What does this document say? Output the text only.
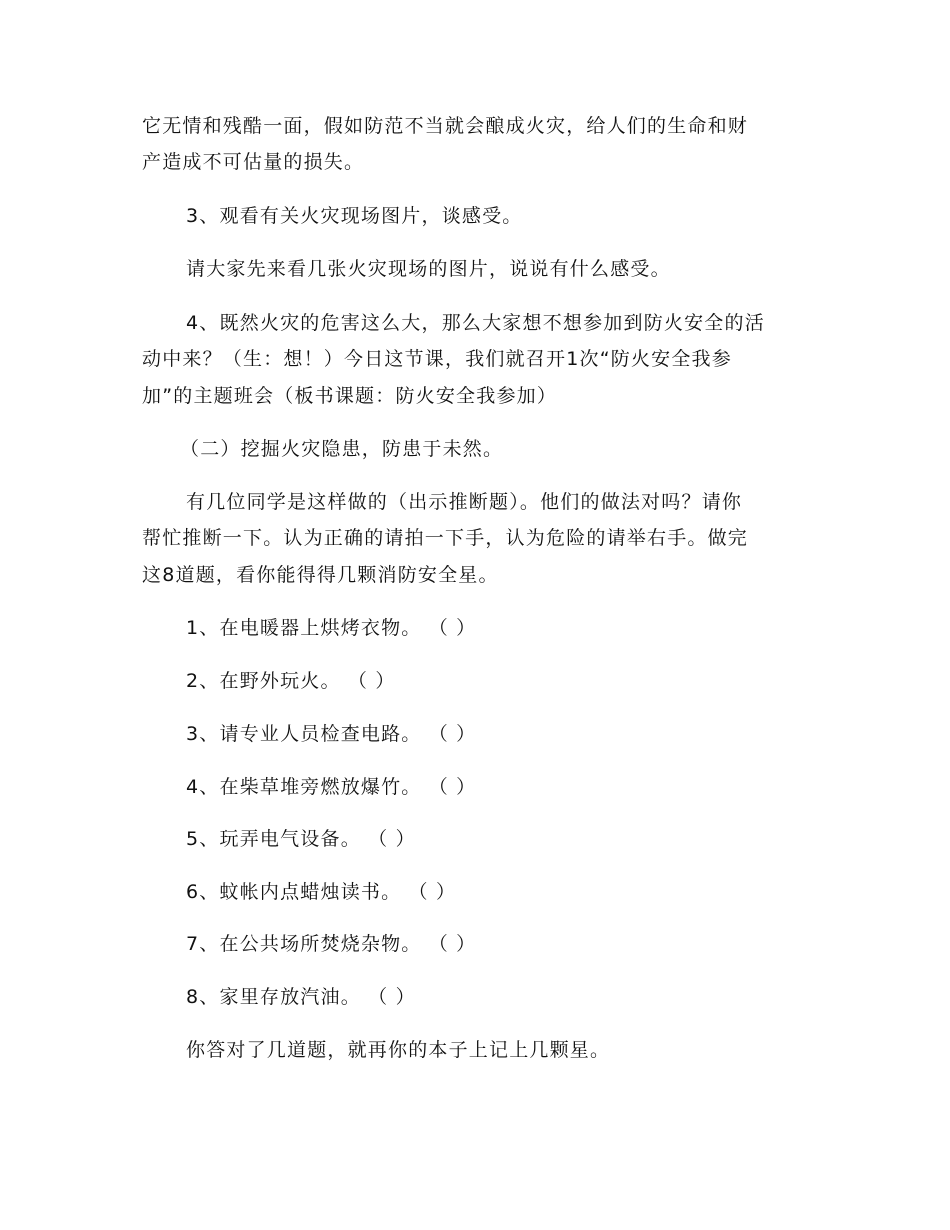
它无情和残酷一面，假如防范不当就会酿成火灾，给人们的生命和财
产造成不可估量的损失。
3、观看有关火灾现场图片，谈感受。
请大家先来看几张火灾现场的图片，说说有什么感受。
4、既然火灾的危害这么大，那么大家想不想参加到防火安全的活
动中来？（生：想！）今日这节课，我们就召开1次“防火安全我参
加”的主题班会（板书课题：防火安全我参加）
（二）挖掘火灾隐患，防患于未然。
有几位同学是这样做的（出示推断题）。他们的做法对吗？请你
帮忙推断一下。认为正确的请拍一下手，认为危险的请举右手。做完
这8道题，看你能得得几颗消防安全星。
1、在电暖器上烘烤衣物。 （ ）
2、在野外玩火。 （ ）
3、请专业人员检查电路。 （ ）
4、在柴草堆旁燃放爆竹。 （ ）
5、玩弄电气设备。 （ ）
6、蚊帐内点蜡烛读书。 （ ）
7、在公共场所焚烧杂物。 （ ）
8、家里存放汽油。 （ ）
你答对了几道题，就再你的本子上记上几颗星。
